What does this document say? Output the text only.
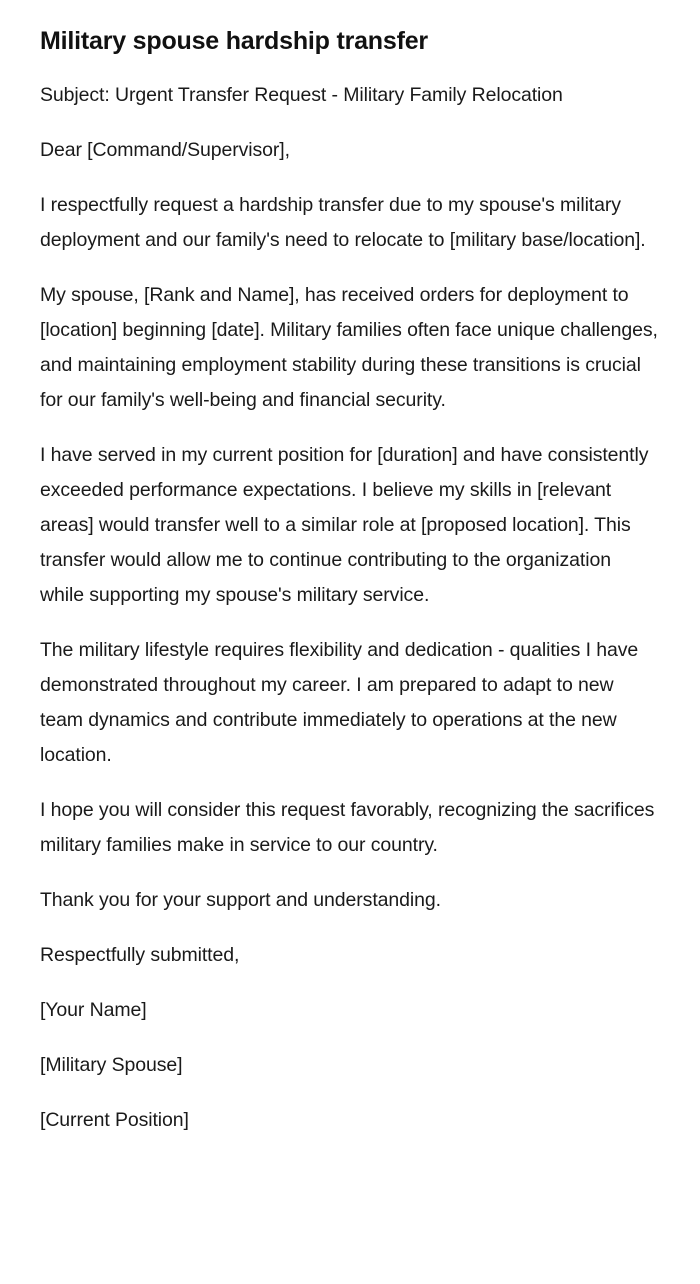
Military spouse hardship transfer

Subject: Urgent Transfer Request - Military Family Relocation

Dear [Command/Supervisor],

I respectfully request a hardship transfer due to my spouse's military deployment and our family's need to relocate to [military base/location].

My spouse, [Rank and Name], has received orders for deployment to [location] beginning [date]. Military families often face unique challenges, and maintaining employment stability during these transitions is crucial for our family's well-being and financial security.

I have served in my current position for [duration] and have consistently exceeded performance expectations. I believe my skills in [relevant areas] would transfer well to a similar role at [proposed location]. This transfer would allow me to continue contributing to the organization while supporting my spouse's military service.

The military lifestyle requires flexibility and dedication - qualities I have demonstrated throughout my career. I am prepared to adapt to new team dynamics and contribute immediately to operations at the new location.

I hope you will consider this request favorably, recognizing the sacrifices military families make in service to our country.

Thank you for your support and understanding.

Respectfully submitted,

[Your Name]

[Military Spouse]

[Current Position]
